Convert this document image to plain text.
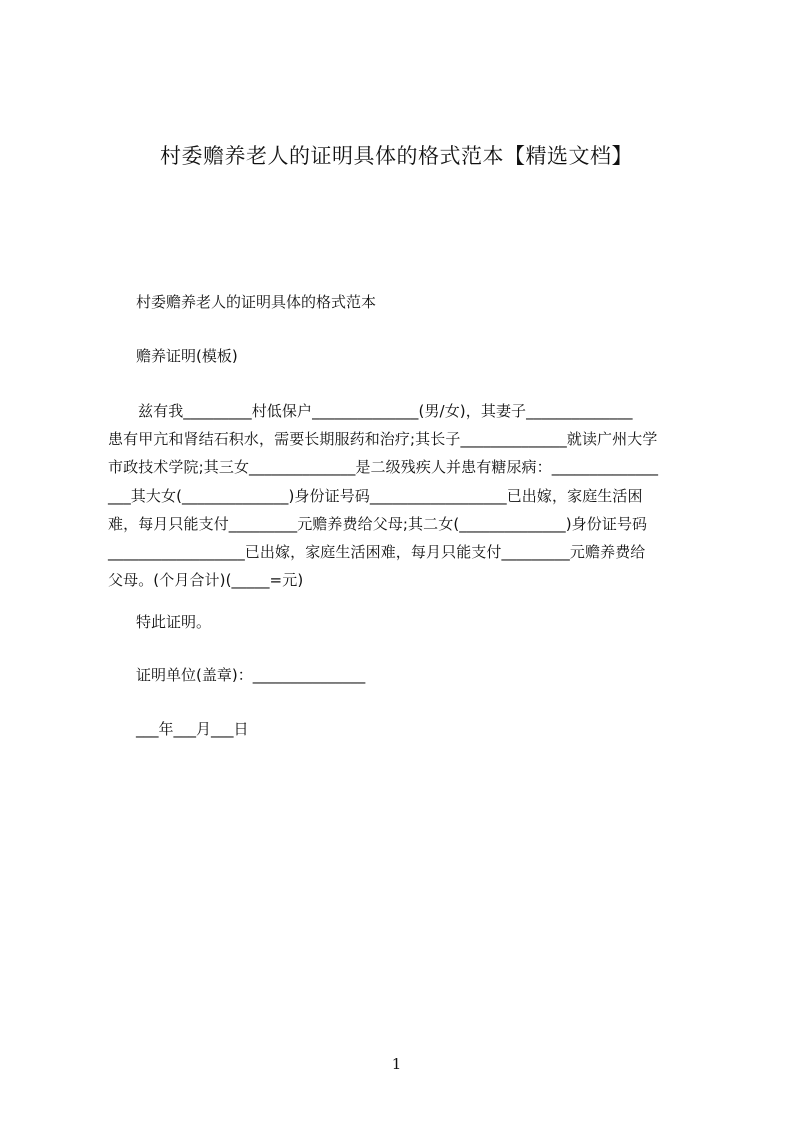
村委赡养老人的证明具体的格式范本【精选文档】
村委赡养老人的证明具体的格式范本
赡养证明(模板)
兹有我_________村低保户______________(男/女)，其妻子______________
患有甲亢和肾结石积水，需要长期服药和治疗;其长子______________就读广州大学
市政技术学院;其三女______________是二级残疾人并患有糖尿病：______________
___其大女(______________)身份证号码__________________已出嫁，家庭生活困
难，每月只能支付_________元赡养费给父母;其二女(______________)身份证号码
__________________已出嫁，家庭生活困难，每月只能支付_________元赡养费给
父母。(个月合计)(_____=元)
特此证明。
证明单位(盖章)：_______________
___年___月___日
1
